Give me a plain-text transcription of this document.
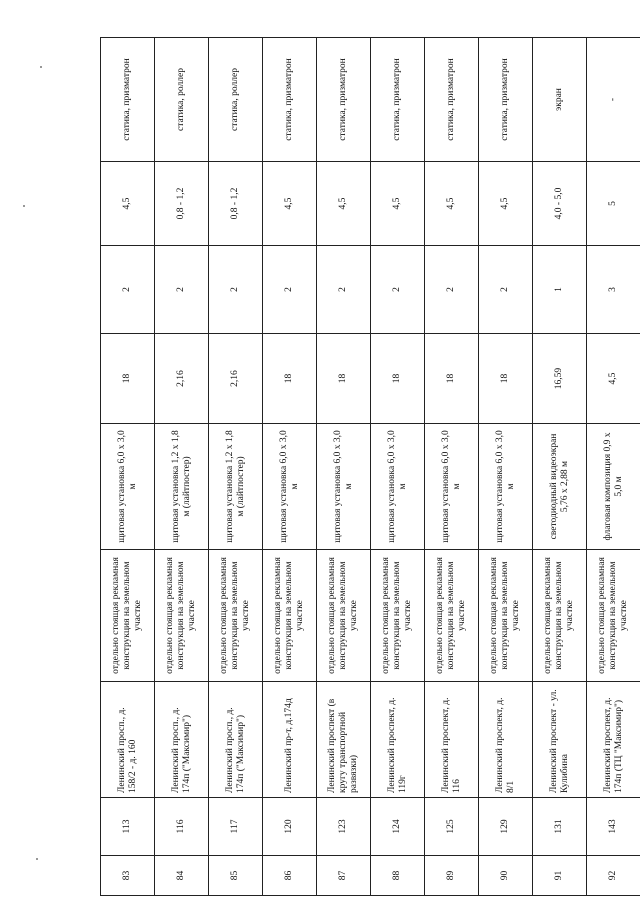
83	113	Ленинский просп., д. 158/2 - д. 160	отдельно стоящая рекламная конструкция на земельном участке	щитовая установка 6,0 х 3,0 м	18	2	4,5	статика, призматрон
84	116	Ленинский просп., д. 174п ("Максимир")	отдельно стоящая рекламная конструкция на земельном участке	щитовая установка 1,2 х 1,8 м (лайтпостер)	2,16	2	0,8 - 1,2	статика, роллер
85	117	Ленинский просп., д. 174п ("Максимир")	отдельно стоящая рекламная конструкция на земельном участке	щитовая установка 1,2 х 1,8 м (лайтпостер)	2,16	2	0,8 - 1,2	статика, роллер
86	120	Ленинский пр-т, д.174д	отдельно стоящая рекламная конструкция на земельном участке	щитовая установка 6,0 х 3,0 м	18	2	4,5	статика, призматрон
87	123	Ленинский проспект (в кругу транспортной развязки)	отдельно стоящая рекламная конструкция на земельном участке	щитовая установка 6,0 х 3,0 м	18	2	4,5	статика, призматрон
88	124	Ленинский проспект, д. 119г	отдельно стоящая рекламная конструкция на земельном участке	щитовая установка 6,0 х 3,0 м	18	2	4,5	статика, призматрон
89	125	Ленинский проспект, д. 116	отдельно стоящая рекламная конструкция на земельном участке	щитовая установка 6,0 х 3,0 м	18	2	4,5	статика, призматрон
90	129	Ленинский проспект, д. 8/1	отдельно стоящая рекламная конструкция на земельном участке	щитовая установка 6,0 х 3,0 м	18	2	4,5	статика, призматрон
91	131	Ленинский проспект - ул. Кулибина	отдельно стоящая рекламная конструкция на земельном участке	светодиодный видеоэкран 5,76 х 2,88 м	16,59	1	4,0 - 5,0	экран
92	143	Ленинский проспект, д. 174п (ТЦ "Максимир")	отдельно стоящая рекламная конструкция на земельном участке	флаговая композиция 0,9 х 5,0 м	4,5	3	5	-
